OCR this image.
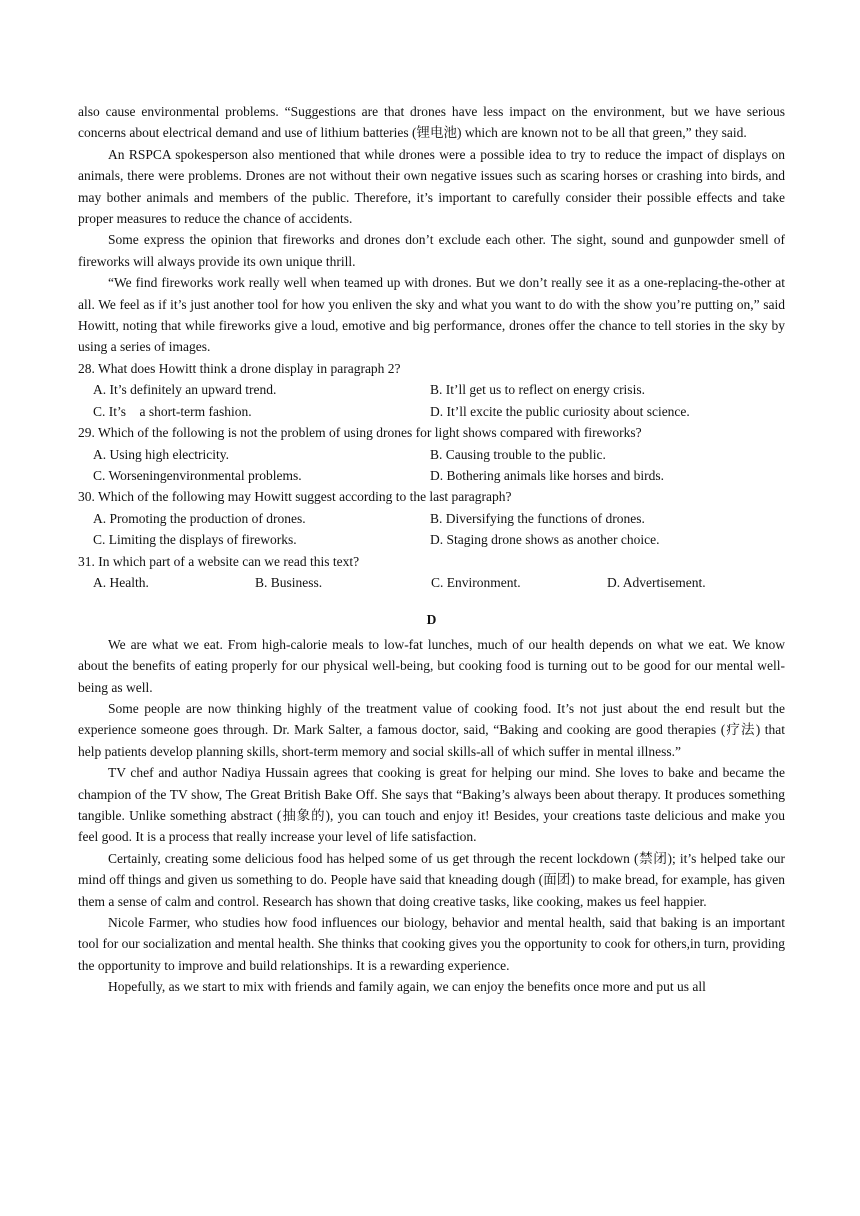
also cause environmental problems. “Suggestions are that drones have less impact on the environment, but we have serious concerns about electrical demand and use of lithium batteries (锂电池) which are known not to be all that green,” they said.

An RSPCA spokesperson also mentioned that while drones were a possible idea to try to reduce the impact of displays on animals, there were problems. Drones are not without their own negative issues such as scaring horses or crashing into birds, and may bother animals and members of the public. Therefore, it’s important to carefully consider their possible effects and take proper measures to reduce the chance of accidents.

Some express the opinion that fireworks and drones don’t exclude each other. The sight, sound and gunpowder smell of fireworks will always provide its own unique thrill.

“We find fireworks work really well when teamed up with drones. But we don’t really see it as a one-replacing-the-other at all. We feel as if it’s just another tool for how you enliven the sky and what you want to do with the show you’re putting on,” said Howitt, noting that while fireworks give a loud, emotive and big performance, drones offer the chance to tell stories in the sky by using a series of images.

28. What does Howitt think a drone display in paragraph 2?
A. It’s definitely an upward trend.	B. It’ll get us to reflect on energy crisis.
C. It’s    a short-term fashion.	D. It’ll excite the public curiosity about science.
29. Which of the following is not the problem of using drones for light shows compared with fireworks?
A. Using high electricity.	B. Causing trouble to the public.
C. Worseningenvironmental problems.	D. Bothering animals like horses and birds.
30. Which of the following may Howitt suggest according to the last paragraph?
A. Promoting the production of drones.	B. Diversifying the functions of drones.
C. Limiting the displays of fireworks.	D. Staging drone shows as another choice.
31. In which part of a website can we read this text?
A. Health.	B. Business.	C. Environment.	D. Advertisement.
D

We are what we eat. From high-calorie meals to low-fat lunches, much of our health depends on what we eat. We know about the benefits of eating properly for our physical well-being, but cooking food is turning out to be good for our mental well-being as well.

Some people are now thinking highly of the treatment value of cooking food. It’s not just about the end result but the experience someone goes through. Dr. Mark Salter, a famous doctor, said, “Baking and cooking are good therapies (疗法) that help patients develop planning skills, short-term memory and social skills-all of which suffer in mental illness.”

TV chef and author Nadiya Hussain agrees that cooking is great for helping our mind. She loves to bake and became the champion of the TV show, The Great British Bake Off. She says that “Baking’s always been about therapy. It produces something tangible. Unlike something abstract (抽象的), you can touch and enjoy it! Besides, your creations taste delicious and make you feel good. It is a process that really increase your level of life satisfaction.

Certainly, creating some delicious food has helped some of us get through the recent lockdown (禁闭); it’s helped take our mind off things and given us something to do. People have said that kneading dough (面团) to make bread, for example, has given them a sense of calm and control. Research has shown that doing creative tasks, like cooking, makes us feel happier.

Nicole Farmer, who studies how food influences our biology, behavior and mental health, said that baking is an important tool for our socialization and mental health. She thinks that cooking gives you the opportunity to cook for others,in turn, providing the opportunity to improve and build relationships. It is a rewarding experience.

Hopefully, as we start to mix with friends and family again, we can enjoy the benefits once more and put us all
